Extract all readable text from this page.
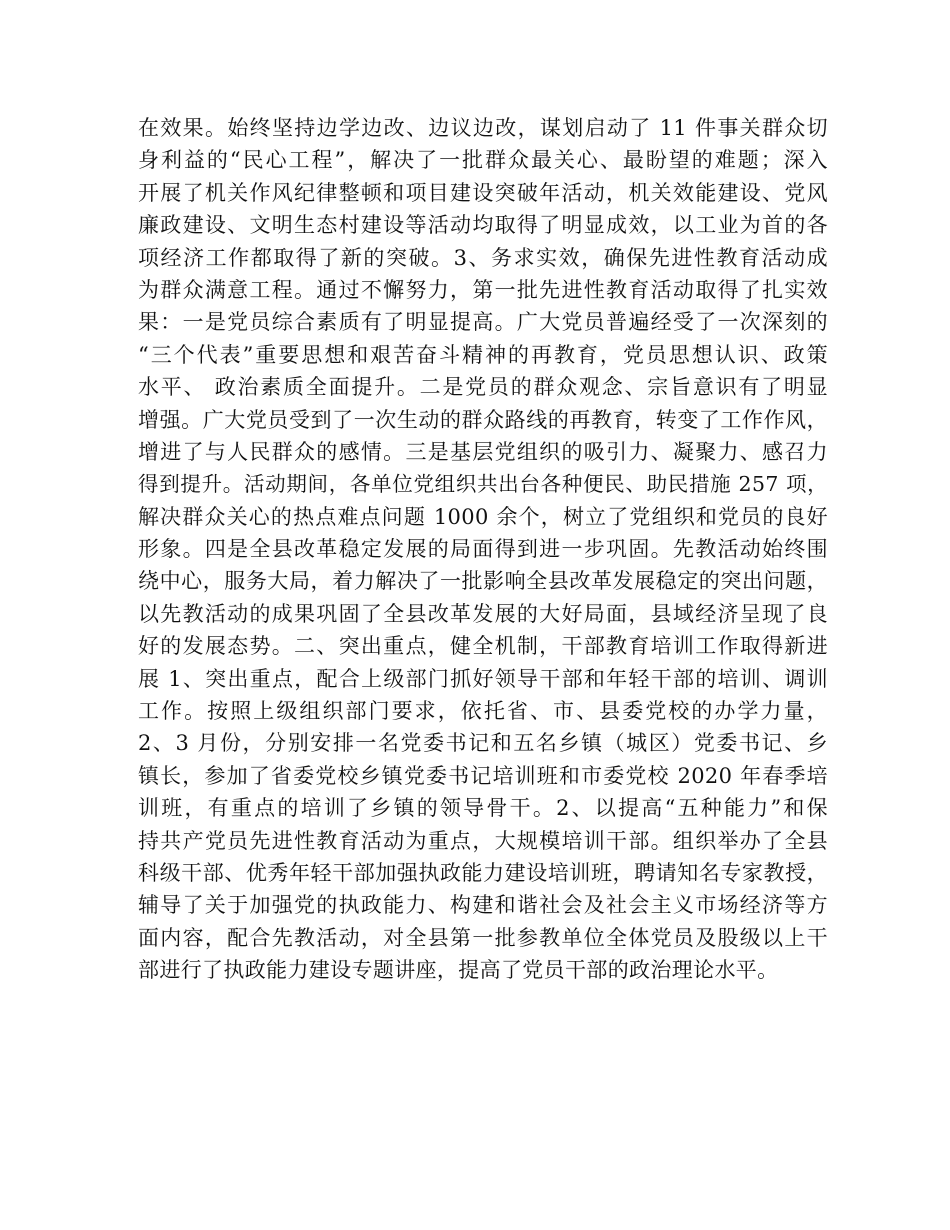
在效果。始终坚持边学边改、边议边改，谋划启动了 11 件事关群众切
身利益的“民心工程”，解决了一批群众最关心、最盼望的难题；深入
开展了机关作风纪律整顿和项目建设突破年活动，机关效能建设、党风
廉政建设、文明生态村建设等活动均取得了明显成效，以工业为首的各
项经济工作都取得了新的突破。3、务求实效，确保先进性教育活动成
为群众满意工程。通过不懈努力，第一批先进性教育活动取得了扎实效
果：一是党员综合素质有了明显提高。广大党员普遍经受了一次深刻的
“三个代表”重要思想和艰苦奋斗精神的再教育，党员思想认识、政策
水平、 政治素质全面提升。二是党员的群众观念、宗旨意识有了明显
增强。广大党员受到了一次生动的群众路线的再教育，转变了工作作风，
增进了与人民群众的感情。三是基层党组织的吸引力、凝聚力、感召力
得到提升。活动期间，各单位党组织共出台各种便民、助民措施 257 项，
解决群众关心的热点难点问题 1000 余个，树立了党组织和党员的良好
形象。四是全县改革稳定发展的局面得到进一步巩固。先教活动始终围
绕中心，服务大局，着力解决了一批影响全县改革发展稳定的突出问题，
以先教活动的成果巩固了全县改革发展的大好局面，县域经济呈现了良
好的发展态势。二、突出重点，健全机制，干部教育培训工作取得新进
展 1、突出重点，配合上级部门抓好领导干部和年轻干部的培训、调训
工作。按照上级组织部门要求，依托省、市、县委党校的办学力量，
2、3 月份，分别安排一名党委书记和五名乡镇（城区）党委书记、乡
镇长，参加了省委党校乡镇党委书记培训班和市委党校 2020 年春季培
训班，有重点的培训了乡镇的领导骨干。2、以提高“五种能力”和保
持共产党员先进性教育活动为重点，大规模培训干部。组织举办了全县
科级干部、优秀年轻干部加强执政能力建设培训班，聘请知名专家教授，
辅导了关于加强党的执政能力、构建和谐社会及社会主义市场经济等方
面内容，配合先教活动，对全县第一批参教单位全体党员及股级以上干
部进行了执政能力建设专题讲座，提高了党员干部的政治理论水平。
